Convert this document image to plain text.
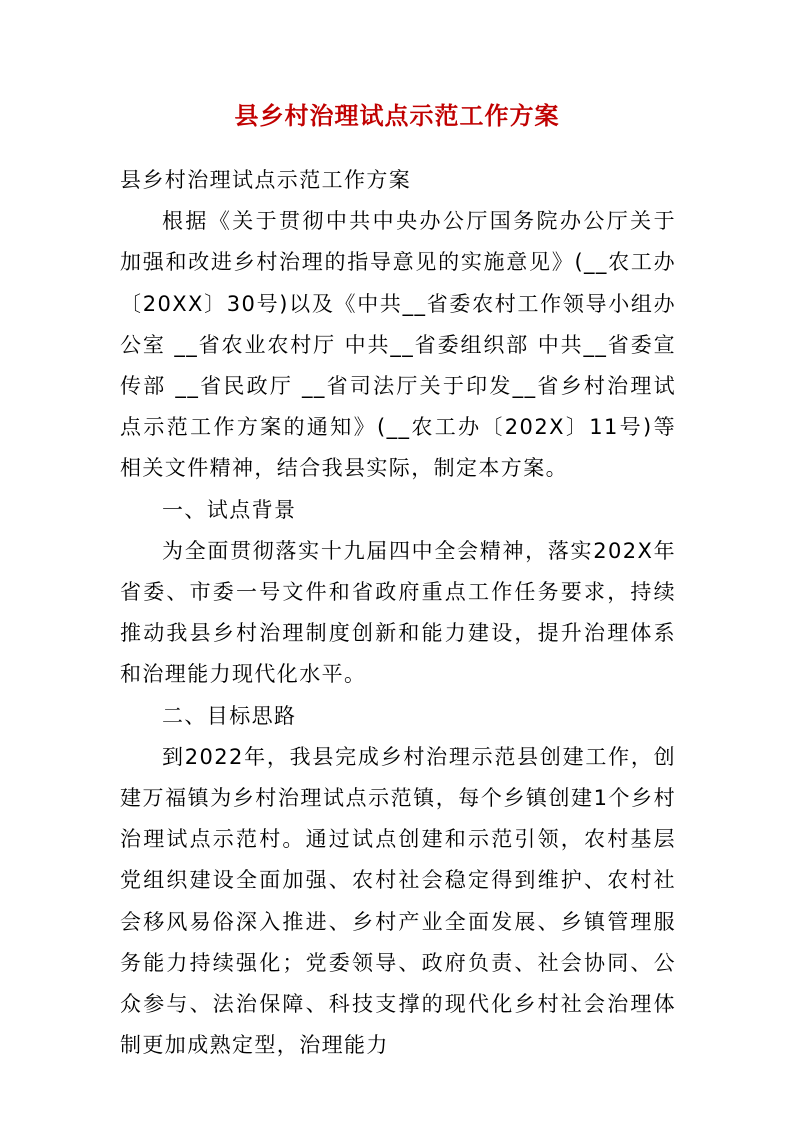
县乡村治理试点示范工作方案

县乡村治理试点示范工作方案

根据《关于贯彻中共中央办公厅国务院办公厅关于加强和改进乡村治理的指导意见的实施意见》(__农工办〔20XX〕30号)以及《中共__省委农村工作领导小组办公室 __省农业农村厅 中共__省委组织部 中共__省委宣传部 __省民政厅 __省司法厅关于印发__省乡村治理试点示范工作方案的通知》(__农工办〔202X〕11号)等相关文件精神，结合我县实际，制定本方案。

一、试点背景

为全面贯彻落实十九届四中全会精神，落实202X年省委、市委一号文件和省政府重点工作任务要求，持续推动我县乡村治理制度创新和能力建设，提升治理体系和治理能力现代化水平。

二、目标思路

到2022年，我县完成乡村治理示范县创建工作，创建万福镇为乡村治理试点示范镇，每个乡镇创建1个乡村治理试点示范村。通过试点创建和示范引领，农村基层党组织建设全面加强、农村社会稳定得到维护、农村社会移风易俗深入推进、乡村产业全面发展、乡镇管理服务能力持续强化；党委领导、政府负责、社会协同、公众参与、法治保障、科技支撑的现代化乡村社会治理体制更加成熟定型，治理能力
